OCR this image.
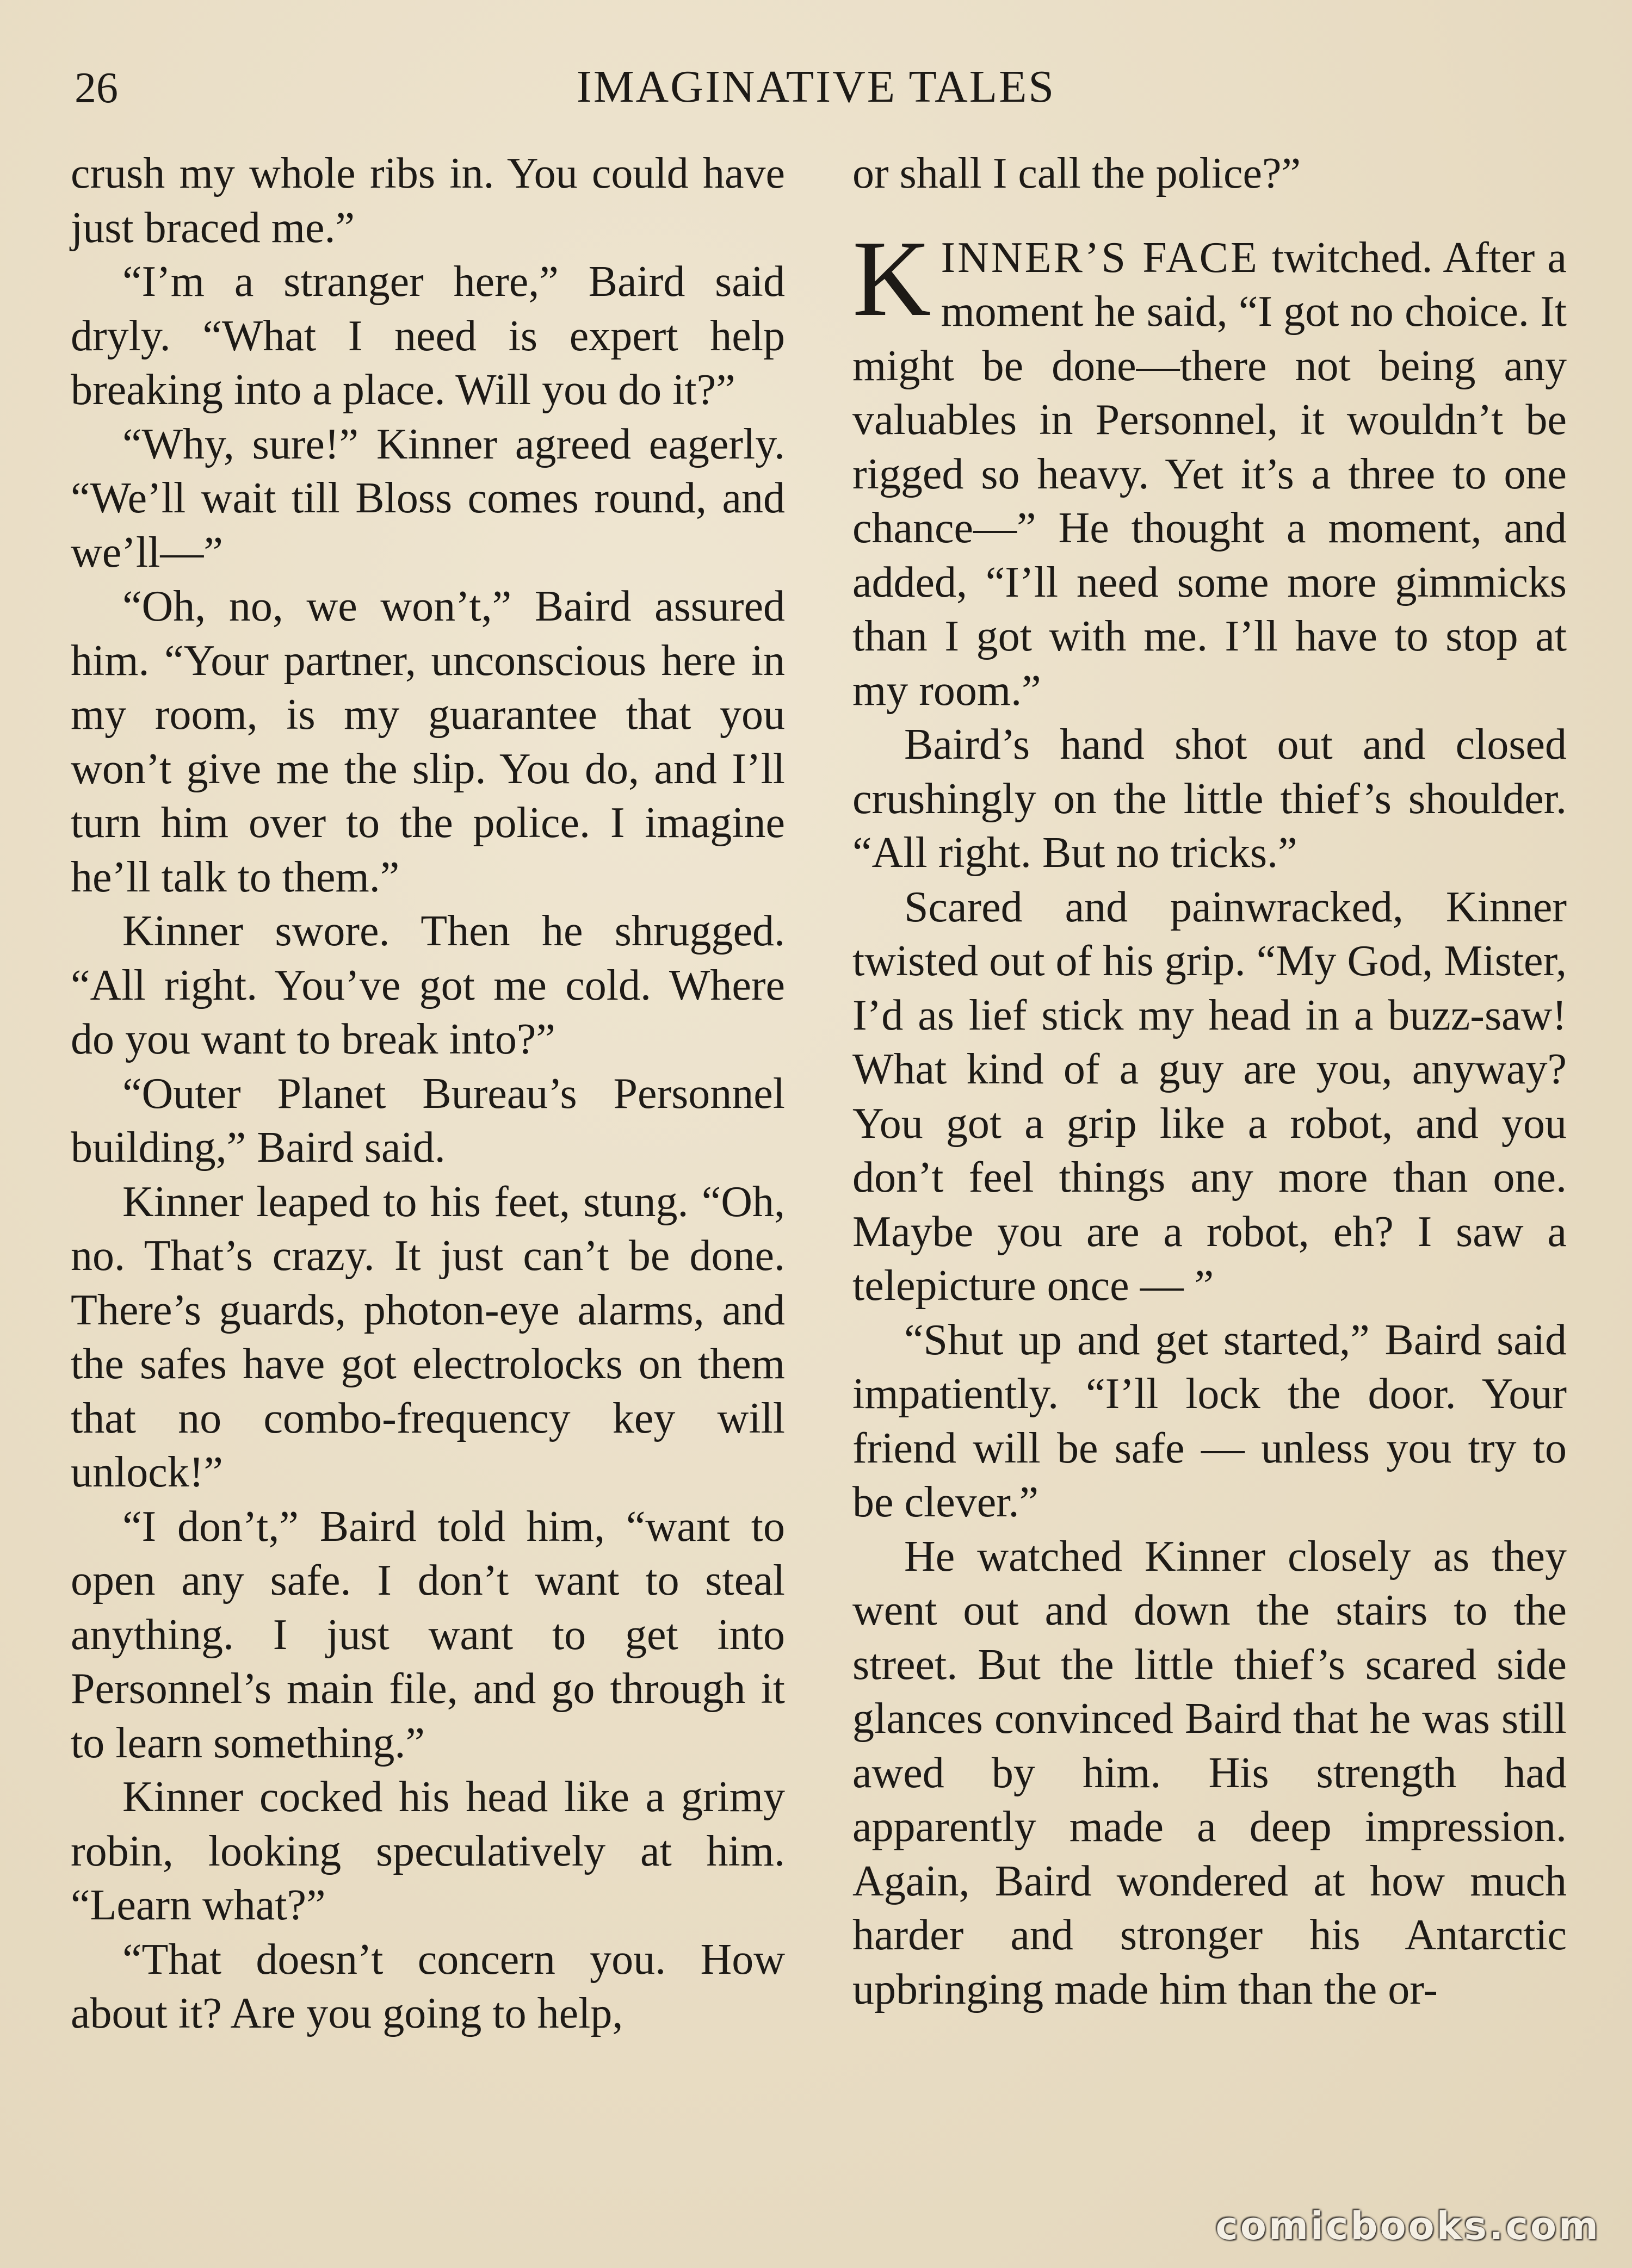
26	IMAGINATIVE TALES

crush my whole ribs in. You could have just braced me.”

“I’m a stranger here,” Baird said dryly. “What I need is expert help breaking into a place. Will you do it?”

“Why, sure!” Kinner agreed eagerly. “We’ll wait till Bloss comes round, and we’ll—”

“Oh, no, we won’t,” Baird assured him. “Your partner, unconscious here in my room, is my guarantee that you won’t give me the slip. You do, and I’ll turn him over to the police. I imagine he’ll talk to them.”

Kinner swore. Then he shrugged. “All right. You’ve got me cold. Where do you want to break into?”

“Outer Planet Bureau’s Personnel building,” Baird said.

Kinner leaped to his feet, stung. “Oh, no. That’s crazy. It just can’t be done. There’s guards, photon-eye alarms, and the safes have got electrolocks on them that no combo-frequency key will unlock!”

“I don’t,” Baird told him, “want to open any safe. I don’t want to steal anything. I just want to get into Personnel’s main file, and go through it to learn something.”

Kinner cocked his head like a grimy robin, looking speculatively at him. “Learn what?”

“That doesn’t concern you. How about it? Are you going to help,

or shall I call the police?”

KINNER’S FACE twitched. After a moment he said, “I got no choice. It might be done—there not being any valuables in Personnel, it wouldn’t be rigged so heavy. Yet it’s a three to one chance—” He thought a moment, and added, “I’ll need some more gimmicks than I got with me. I’ll have to stop at my room.”

Baird’s hand shot out and closed crushingly on the little thief’s shoulder. “All right. But no tricks.”

Scared and painwracked, Kinner twisted out of his grip. “My God, Mister, I’d as lief stick my head in a buzz-saw! What kind of a guy are you, anyway? You got a grip like a robot, and you don’t feel things any more than one. Maybe you are a robot, eh? I saw a telepicture once — ”

“Shut up and get started,” Baird said impatiently. “I’ll lock the door. Your friend will be safe — unless you try to be clever.”

He watched Kinner closely as they went out and down the stairs to the street. But the little thief’s scared side glances convinced Baird that he was still awed by him. His strength had apparently made a deep impression. Again, Baird wondered at how much harder and stronger his Antarctic upbringing made him than the or-

comicbooks.com
